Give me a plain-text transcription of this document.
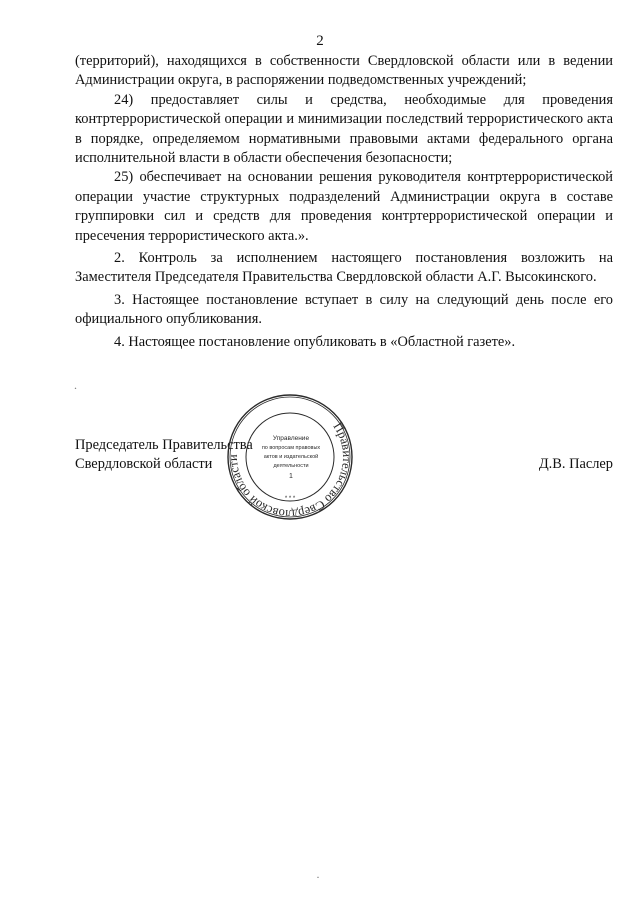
2

(территорий), находящихся в собственности Свердловской области или в ведении Администрации округа, в распоряжении подведомственных учреждений;

24) предоставляет силы и средства, необходимые для проведения контртеррористической операции и минимизации последствий террористического акта в порядке, определяемом нормативными правовыми актами федерального органа исполнительной власти в области обеспечения безопасности;

25) обеспечивает на основании решения руководителя контртеррористической операции участие структурных подразделений Администрации округа в составе группировки сил и средств для проведения контртеррористической операции и пресечения террористического акта.».

2. Контроль за исполнением настоящего постановления возложить на Заместителя Председателя Правительства Свердловской области А.Г. Высокинского.

3. Настоящее постановление вступает в силу на следующий день после его официального опубликования.

4. Настоящее постановление опубликовать в «Областной газете».

.
·
Председатель Правительства
Свердловской области	Д.В. Паслер
Правительство Свердловской области
Управление
по вопросам правовых
актов и издательской
деятельности
1
* * *
